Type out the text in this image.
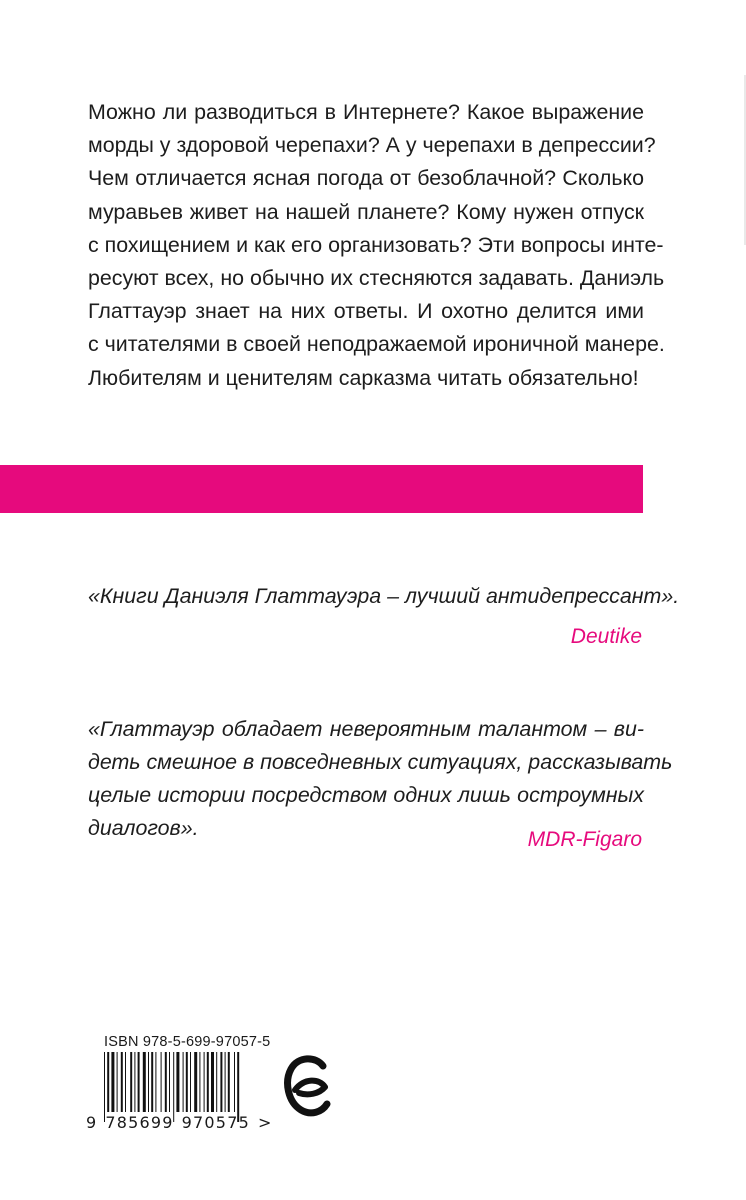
Можно ли разводиться в Интернете? Какое выражение
морды у здоровой черепахи? А у черепахи в депрессии?
Чем отличается ясная погода от безоблачной? Сколько
муравьев живет на нашей планете? Кому нужен отпуск
с похищением и как его организовать? Эти вопросы инте-
ресуют всех, но обычно их стесняются задавать. Даниэль
Глаттауэр знает на них ответы. И охотно делится ими
с читателями в своей неподражаемой ироничной манере.
Любителям и ценителям сарказма читать обязательно!
«Книги Даниэля Глаттауэра – лучший антидепрессант».
Deutike
«Глаттауэр обладает невероятным талантом – ви-
деть смешное в повседневных ситуациях, рассказывать
целые истории посредством одних лишь остроумных
диалогов».	MDR-Figaro
ISBN 978-5-699-97057-5
9 785699 970575 >
